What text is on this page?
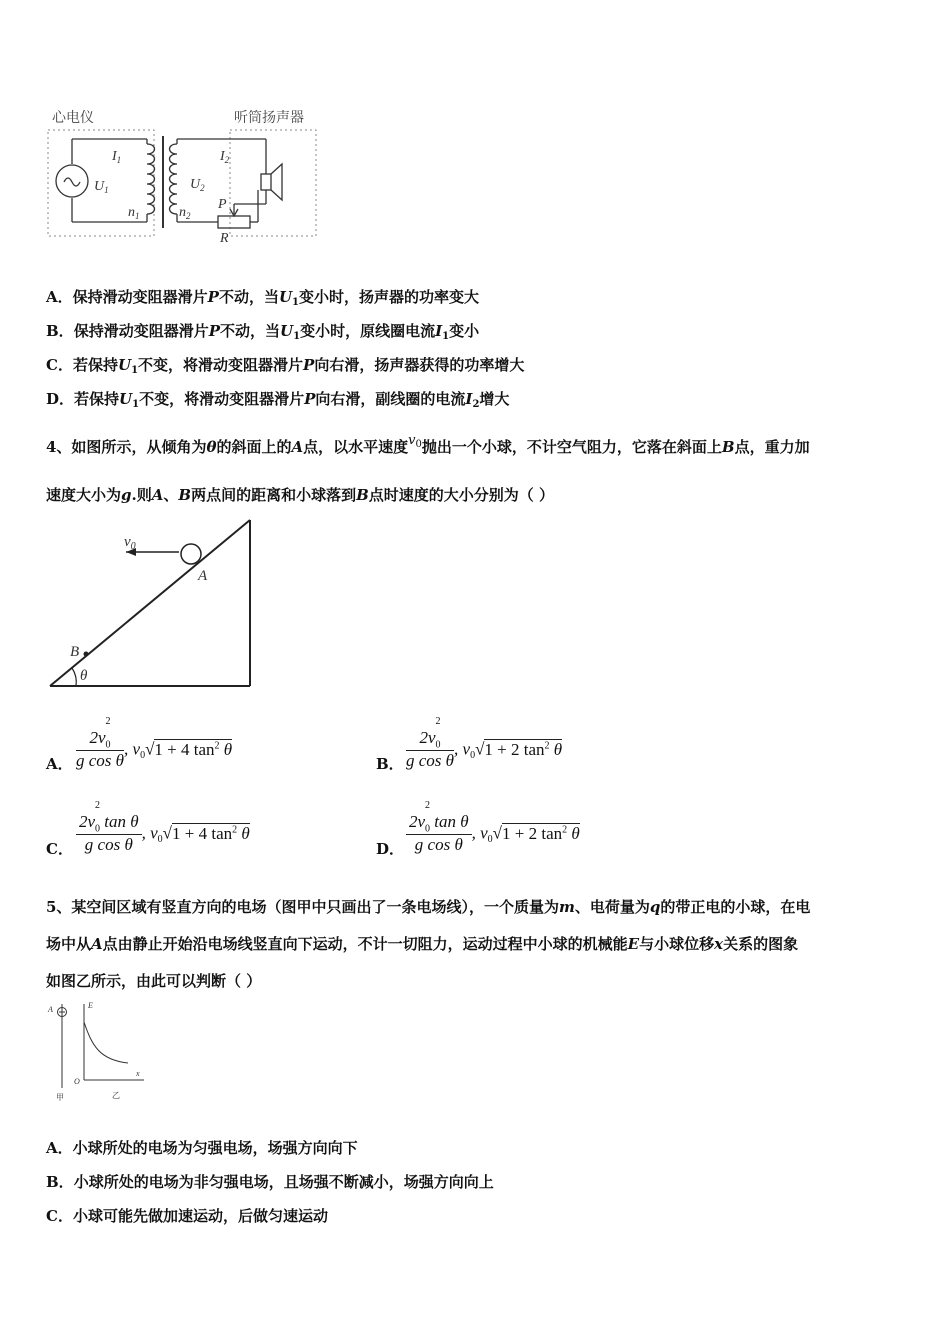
心电仪	听筒扬声器
$I_1$
$U_1$
$n_1$
$I_2$
$U_2$
$n_2$
P
R
A．保持滑动变阻器滑片P不动，当$U_1$变小时，扬声器的功率变大
B．保持滑动变阻器滑片P不动，当$U_1$变小时，原线圈电流$I_1$变小
C．若保持$U_1$不变，将滑动变阻器滑片P向右滑，扬声器获得的功率增大
D．若保持$U_1$不变，将滑动变阻器滑片P向右滑，副线圈的电流$I_2$增大
4、如图所示，从倾角为θ的斜面上的A点，以水平速度$v^0$抛出一个小球，不计空气阻力，它落在斜面上B点，重力加
速度大小为g.则A、B两点间的距离和小球落到B点时速度的大小分别为（ ）
$v_0$
A
B
θ
A． 2v
2
$_0$
g cos θ , $v_0√1 + 4$ $\tan^2 \theta$
B． 2v
2
$_0$
g cos θ , $v_0√1 + 2$ $\tan^2 \theta$
C． 2v
2
$_0$ tan θ
g cos θ , $v_0√1 + 4$ $\tan^2 \theta$
D． 2v
2
$_0$ tan θ
g cos θ , $v_0√1 + 2$ $\tan^2 \theta$
5、某空间区域有竖直方向的电场（图甲中只画出了一条电场线），一个质量为m、电荷量为q的带正电的小球，在电
场中从A点由静止开始沿电场线竖直向下运动，不计一切阻力，运动过程中小球的机械能E与小球位移x关系的图象
如图乙所示，由此可以判断（ ）
A	E
O
x
甲	乙
A．小球所处的电场为匀强电场，场强方向向下
B．小球所处的电场为非匀强电场，且场强不断减小，场强方向向上
C．小球可能先做加速运动，后做匀速运动
